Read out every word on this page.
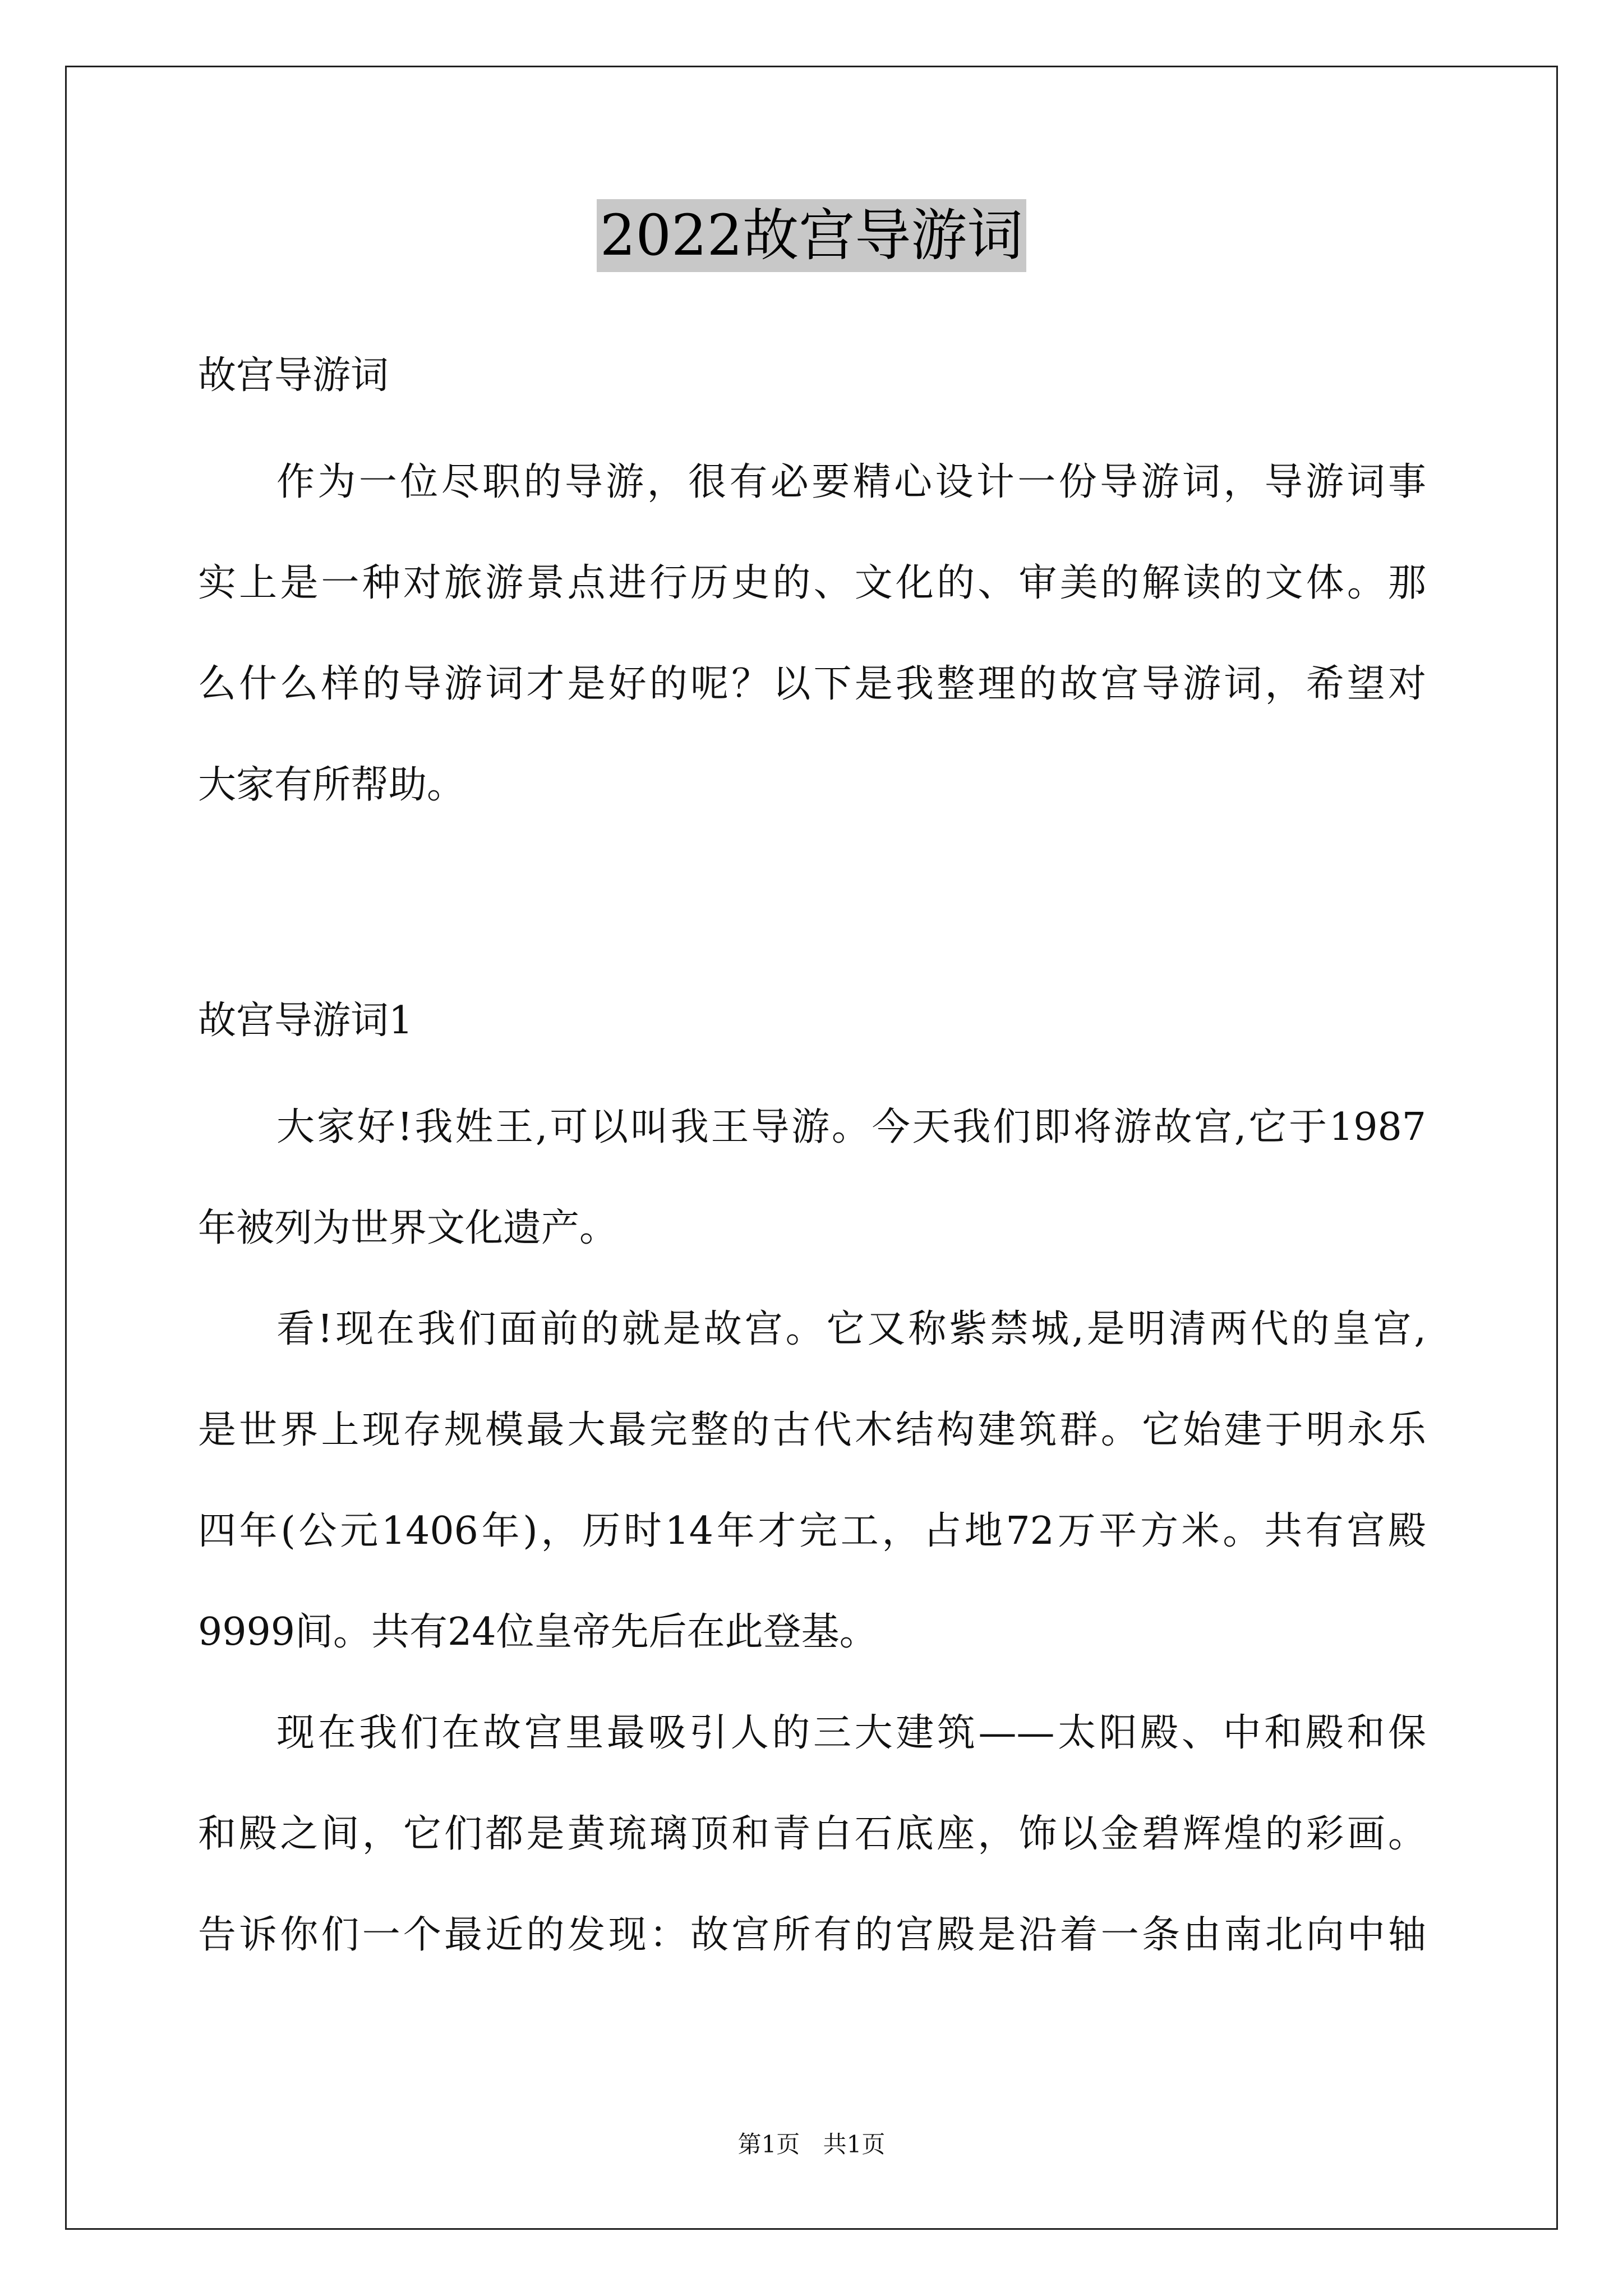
2022故宫导游词
故宫导游词
作为一位尽职的导游，很有必要精心设计一份导游词，导游词事
实上是一种对旅游景点进行历史的、文化的、审美的解读的文体。那
么什么样的导游词才是好的呢？以下是我整理的故宫导游词，希望对
大家有所帮助。
故宫导游词1
大家好!我姓王,可以叫我王导游。今天我们即将游故宫,它于1987
年被列为世界文化遗产。
看!现在我们面前的就是故宫。它又称紫禁城,是明清两代的皇宫,
是世界上现存规模最大最完整的古代木结构建筑群。它始建于明永乐
四年(公元1406年)，历时14年才完工，占地72万平方米。共有宫殿
9999间。共有24位皇帝先后在此登基。
现在我们在故宫里最吸引人的三大建筑——太阳殿、中和殿和保
和殿之间，它们都是黄琉璃顶和青白石底座，饰以金碧辉煌的彩画。
告诉你们一个最近的发现：故宫所有的宫殿是沿着一条由南北向中轴
第1页 共1页
